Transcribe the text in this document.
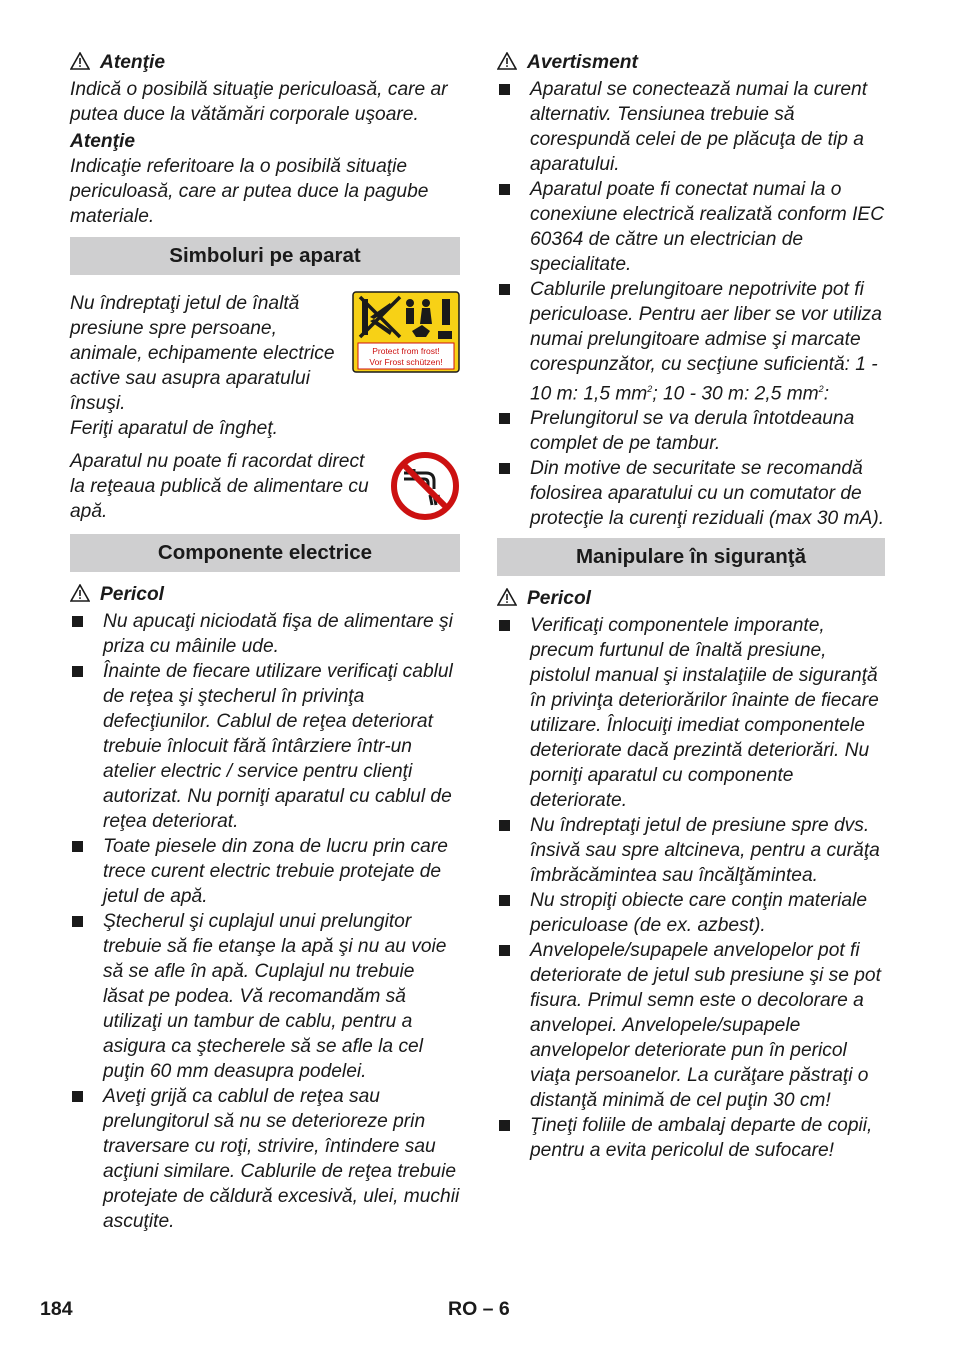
Atenţie

Indică o posibilă situaţie periculoasă, care ar putea duce la vătămări corporale uşoare.

Atenţie

Indicaţie referitoare la o posibilă situaţie periculoasă, care ar putea duce la pagube materiale.

Simboluri pe aparat

Nu îndreptaţi jetul de înaltă presiune spre persoane, animale, echipamente electrice active sau asupra aparatului însuşi.

Protect from frost!
Vor Frost schützen!

Feriţi aparatul de îngheţ.

Aparatul nu poate fi racordat direct la reţeaua publică de alimentare cu apă.

Componente electrice

Pericol

Nu apucaţi niciodată fişa de alimentare şi priza cu mâinile ude.
Înainte de fiecare utilizare verificaţi cablul de reţea şi ştecherul în privinţa defecţiunilor. Cablul de reţea deteriorat trebuie înlocuit fără întârziere într-un atelier electric / service pentru clienţi autorizat. Nu porniţi aparatul cu cablul de reţea deteriorat.
Toate piesele din zona de lucru prin care trece curent electric trebuie protejate de jetul de apă.
Ştecherul şi cuplajul unui prelungitor trebuie să fie etanşe la apă şi nu au voie să se afle în apă. Cuplajul nu trebuie lăsat pe podea. Vă recomandăm să utilizaţi un tambur de cablu, pentru a asigura ca ştecherele să se afle la cel puţin 60 mm deasupra podelei.
Aveţi grijă ca cablul de reţea sau prelungitorul să nu se deterioreze prin traversare cu roţi, strivire, întindere sau acţiuni similare. Cablurile de reţea trebuie protejate de căldură excesivă, ulei, muchii ascuţite.

Avertisment

Aparatul se conectează numai la curent alternativ. Tensiunea trebuie să corespundă celei de pe plăcuţa de tip a aparatului.
Aparatul poate fi conectat numai la o conexiune electrică realizată conform IEC 60364 de către un electrician de specialitate.
Cablurile prelungitoare nepotrivite pot fi periculoase. Pentru aer liber se vor utiliza numai prelungitoare admise şi marcate corespunzător, cu secţiune suficientă: 1 - 10 m: 1,5 $mm^2$; 10 - 30 m: 2,5 $mm^2$:
Prelungitorul se va derula întotdeauna complet de pe tambur.
Din motive de securitate se recomandă folosirea aparatului cu un comutator de protecţie la curenţi reziduali (max 30 mA).
Manipulare în siguranţă

Pericol

Verificaţi componentele imporante, precum furtunul de înaltă presiune, pistolul manual şi instalaţiile de siguranţă în privinţa deteriorărilor înainte de fiecare utilizare. Înlocuiţi imediat componentele deteriorate dacă prezintă deteriorări. Nu porniţi aparatul cu componente deteriorate.
Nu îndreptaţi jetul de presiune spre dvs. însivă sau spre altcineva, pentru a curăţa îmbrăcămintea sau încălţămintea.
Nu stropiţi obiecte care conţin materiale periculoase (de ex. azbest).
Anvelopele/supapele anvelopelor pot fi deteriorate de jetul sub presiune şi se pot fisura. Primul semn este o decolorare a anvelopei. Anvelopele/supapele anvelopelor deteriorate pun în pericol viaţa persoanelor. La curăţare păstraţi o distanţă minimă de cel puţin 30 cm!
Ţineţi foliile de ambalaj departe de copii, pentru a evita pericolul de sufocare!
184	RO – 6
